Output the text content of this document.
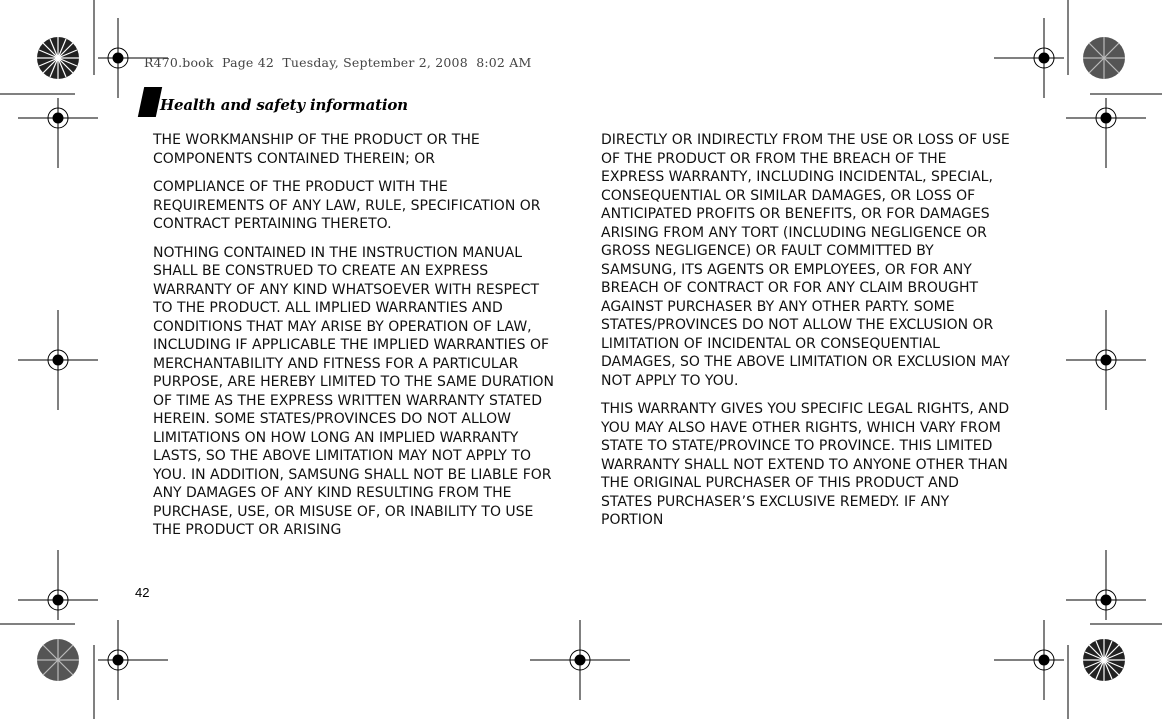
R470.book  Page 42  Tuesday, September 2, 2008  8:02 AM
Health and safety information

THE WORKMANSHIP OF THE PRODUCT OR THE COMPONENTS CONTAINED THEREIN; OR

COMPLIANCE OF THE PRODUCT WITH THE REQUIREMENTS OF ANY LAW, RULE, SPECIFICATION OR CONTRACT PERTAINING THERETO.

NOTHING CONTAINED IN THE INSTRUCTION MANUAL SHALL BE CONSTRUED TO CREATE AN EXPRESS WARRANTY OF ANY KIND WHATSOEVER WITH RESPECT TO THE PRODUCT. ALL IMPLIED WARRANTIES AND CONDITIONS THAT MAY ARISE BY OPERATION OF LAW, INCLUDING IF APPLICABLE THE IMPLIED WARRANTIES OF MERCHANTABILITY AND FITNESS FOR A PARTICULAR PURPOSE, ARE HEREBY LIMITED TO THE SAME DURATION OF TIME AS THE EXPRESS WRITTEN WARRANTY STATED HEREIN. SOME STATES/PROVINCES DO NOT ALLOW LIMITATIONS ON HOW LONG AN IMPLIED WARRANTY LASTS, SO THE ABOVE LIMITATION MAY NOT APPLY TO YOU. IN ADDITION, SAMSUNG SHALL NOT BE LIABLE FOR ANY DAMAGES OF ANY KIND RESULTING FROM THE PURCHASE, USE, OR MISUSE OF, OR INABILITY TO USE THE PRODUCT OR ARISING

DIRECTLY OR INDIRECTLY FROM THE USE OR LOSS OF USE OF THE PRODUCT OR FROM THE BREACH OF THE EXPRESS WARRANTY, INCLUDING INCIDENTAL, SPECIAL, CONSEQUENTIAL OR SIMILAR DAMAGES, OR LOSS OF ANTICIPATED PROFITS OR BENEFITS, OR FOR DAMAGES ARISING FROM ANY TORT (INCLUDING NEGLIGENCE OR GROSS NEGLIGENCE) OR FAULT COMMITTED BY SAMSUNG, ITS AGENTS OR EMPLOYEES, OR FOR ANY BREACH OF CONTRACT OR FOR ANY CLAIM BROUGHT AGAINST PURCHASER BY ANY OTHER PARTY. SOME STATES/PROVINCES DO NOT ALLOW THE EXCLUSION OR LIMITATION OF INCIDENTAL OR CONSEQUENTIAL DAMAGES, SO THE ABOVE LIMITATION OR EXCLUSION MAY NOT APPLY TO YOU.

THIS WARRANTY GIVES YOU SPECIFIC LEGAL RIGHTS, AND YOU MAY ALSO HAVE OTHER RIGHTS, WHICH VARY FROM STATE TO STATE/PROVINCE TO PROVINCE. THIS LIMITED WARRANTY SHALL NOT EXTEND TO ANYONE OTHER THAN THE ORIGINAL PURCHASER OF THIS PRODUCT AND STATES PURCHASER’S EXCLUSIVE REMEDY. IF ANY PORTION

42
